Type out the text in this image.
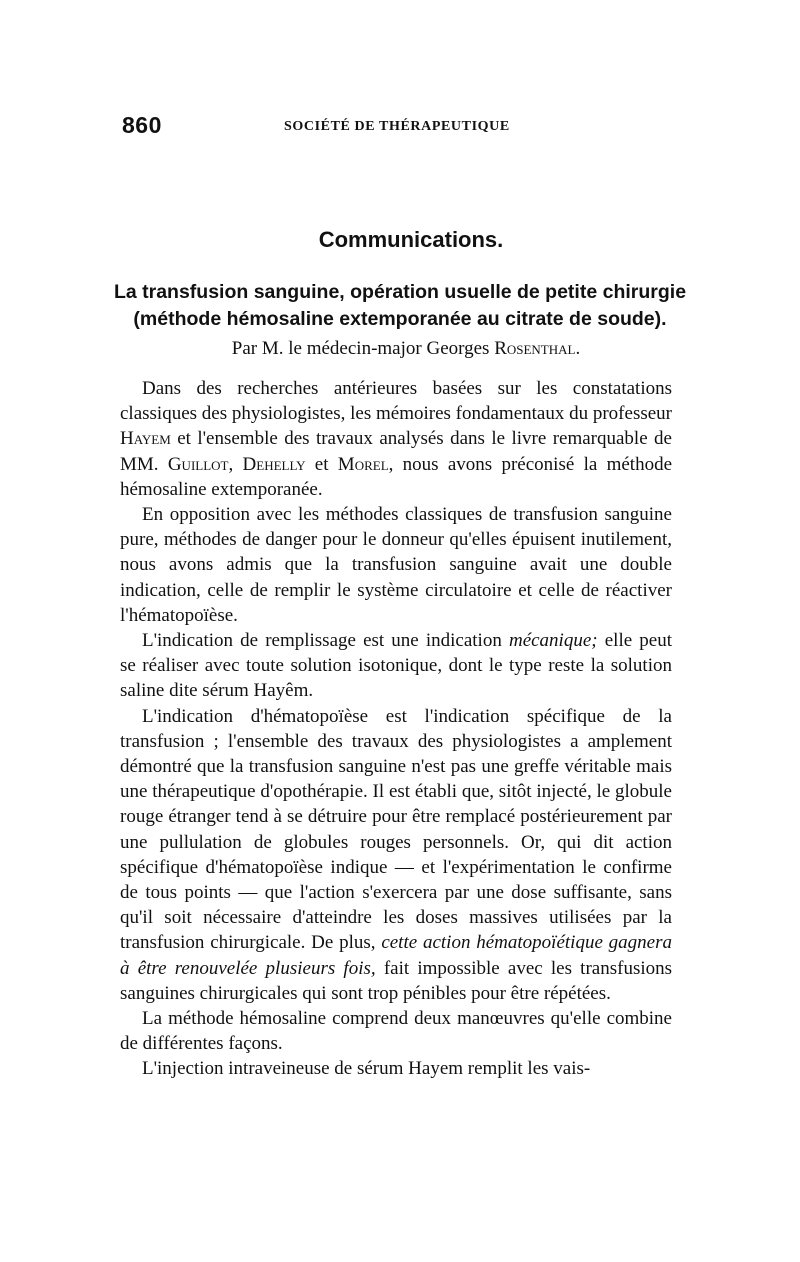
860	SOCIÉTÉ DE THÉRAPEUTIQUE
Communications.
La transfusion sanguine, opération usuelle de petite chirurgie
(méthode hémosaline extemporanée au citrate de soude).
Par M. le médecin-major Georges Rosenthal.

Dans des recherches antérieures basées sur les constatations classiques des physiologistes, les mémoires fondamentaux du professeur Hayem et l'ensemble des travaux analysés dans le livre remarquable de MM. Guillot, Dehelly et Morel, nous avons préconisé la méthode hémosaline extemporanée.

En opposition avec les méthodes classiques de transfusion sanguine pure, méthodes de danger pour le donneur qu'elles épuisent inutilement, nous avons admis que la transfusion sanguine avait une double indication, celle de remplir le système circulatoire et celle de réactiver l'hématopoïèse.

L'indication de remplissage est une indication mécanique; elle peut se réaliser avec toute solution isotonique, dont le type reste la solution saline dite sérum Hayêm.

L'indication d'hématopoïèse est l'indication spécifique de la transfusion ; l'ensemble des travaux des physiologistes a amplement démontré que la transfusion sanguine n'est pas une greffe véritable mais une thérapeutique d'opothérapie. Il est établi que, sitôt injecté, le globule rouge étranger tend à se détruire pour être remplacé postérieurement par une pullulation de globules rouges personnels. Or, qui dit action spécifique d'hématopoïèse indique — et l'expérimentation le confirme de tous points — que l'action s'exercera par une dose suffisante, sans qu'il soit nécessaire d'atteindre les doses massives utilisées par la transfusion chirurgicale. De plus, cette action hématopoïétique gagnera à être renouvelée plusieurs fois, fait impossible avec les transfusions sanguines chirurgicales qui sont trop pénibles pour être répétées.

La méthode hémosaline comprend deux manœuvres qu'elle combine de différentes façons.

L'injection intraveineuse de sérum Hayem remplit les vais-
